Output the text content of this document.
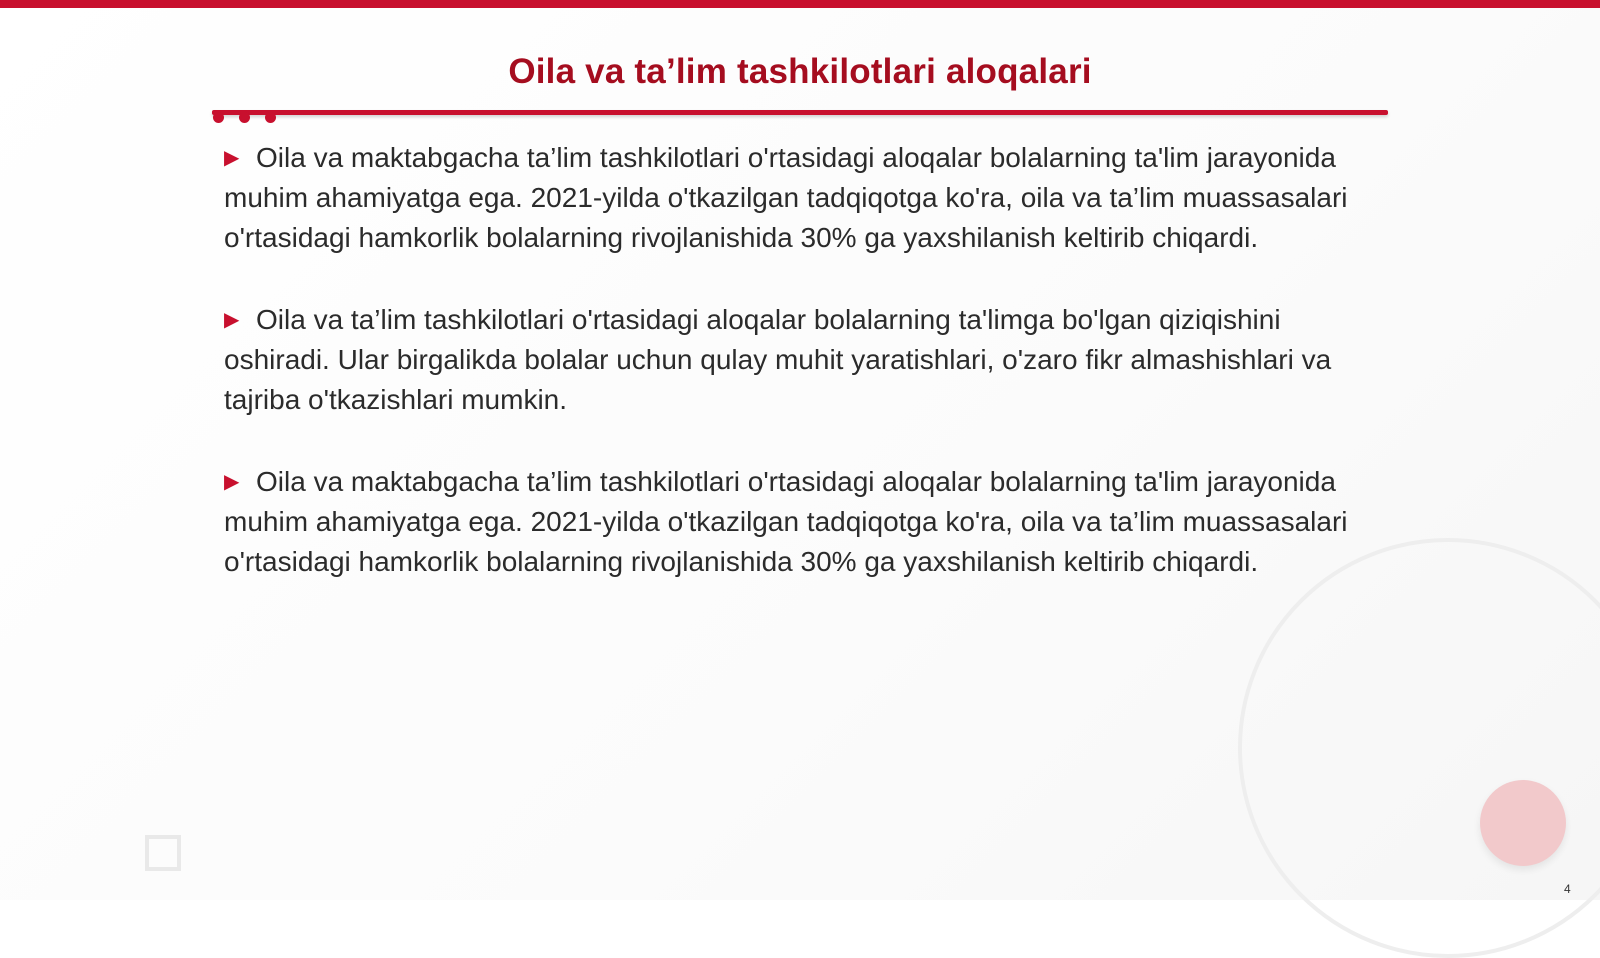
Oila va ta’lim tashkilotlari aloqalari

▶ Oila va maktabgacha ta’lim tashkilotlari o'rtasidagi aloqalar bolalarning ta'lim jarayonida muhim ahamiyatga ega. 2021-yilda o'tkazilgan tadqiqotga ko'ra, oila va ta’lim muassasalari o'rtasidagi hamkorlik bolalarning rivojlanishida 30% ga yaxshilanish keltirib chiqardi.

▶ Oila va ta’lim tashkilotlari o'rtasidagi aloqalar bolalarning ta'limga bo'lgan qiziqishini oshiradi. Ular birgalikda bolalar uchun qulay muhit yaratishlari, o'zaro fikr almashishlari va tajriba o'tkazishlari mumkin.

▶ Oila va maktabgacha ta’lim tashkilotlari o'rtasidagi aloqalar bolalarning ta'lim jarayonida muhim ahamiyatga ega. 2021-yilda o'tkazilgan tadqiqotga ko'ra, oila va ta’lim muassasalari o'rtasidagi hamkorlik bolalarning rivojlanishida 30% ga yaxshilanish keltirib chiqardi.

4
